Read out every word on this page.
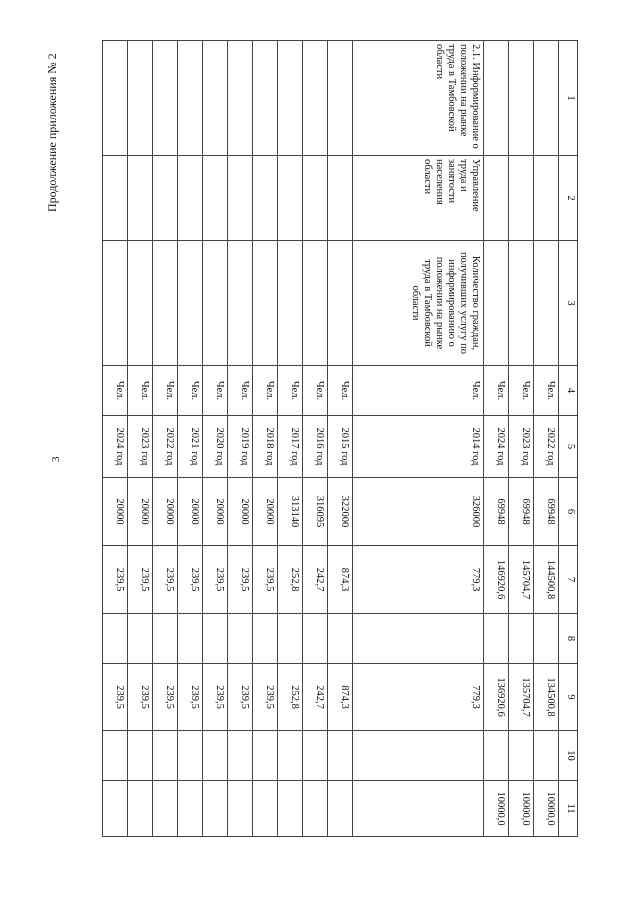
3
Продолжение приложения № 2	1	2	3	4	5	6	7	8	9	10	11
			Чел.	2022 год	69948	144500,8		134500,8		10000,0
			Чел.	2023 год	69948	145704,7		135704,7		10000,0
			Чел.	2024 год	69948	146920,6		136920,6		10000,0
2.1. Информирование о положении на рынке труда в Тамбовской области	Управление труда и занятости населения области	Количество граждан, получивших услугу по информированию о положении на рынке труда в Тамбовской области	Чел.	2014 год	326000	779,3		779,3		
			Чел.	2015 год	322000	874,3		874,3		
			Чел.	2016 год	316095	242,7		242,7		
			Чел.	2017 год	313140	252,8		252,8		
			Чел.	2018 год	20000	239,5		239,5		
			Чел.	2019 год	20000	239,5		239,5		
			Чел.	2020 год	20000	239,5		239,5		
			Чел.	2021 год	20000	239,5		239,5		
			Чел.	2022 год	20000	239,5		239,5		
			Чел.	2023 год	20000	239,5		239,5		
			Чел.	2024 год	20000	239,5		239,5		
